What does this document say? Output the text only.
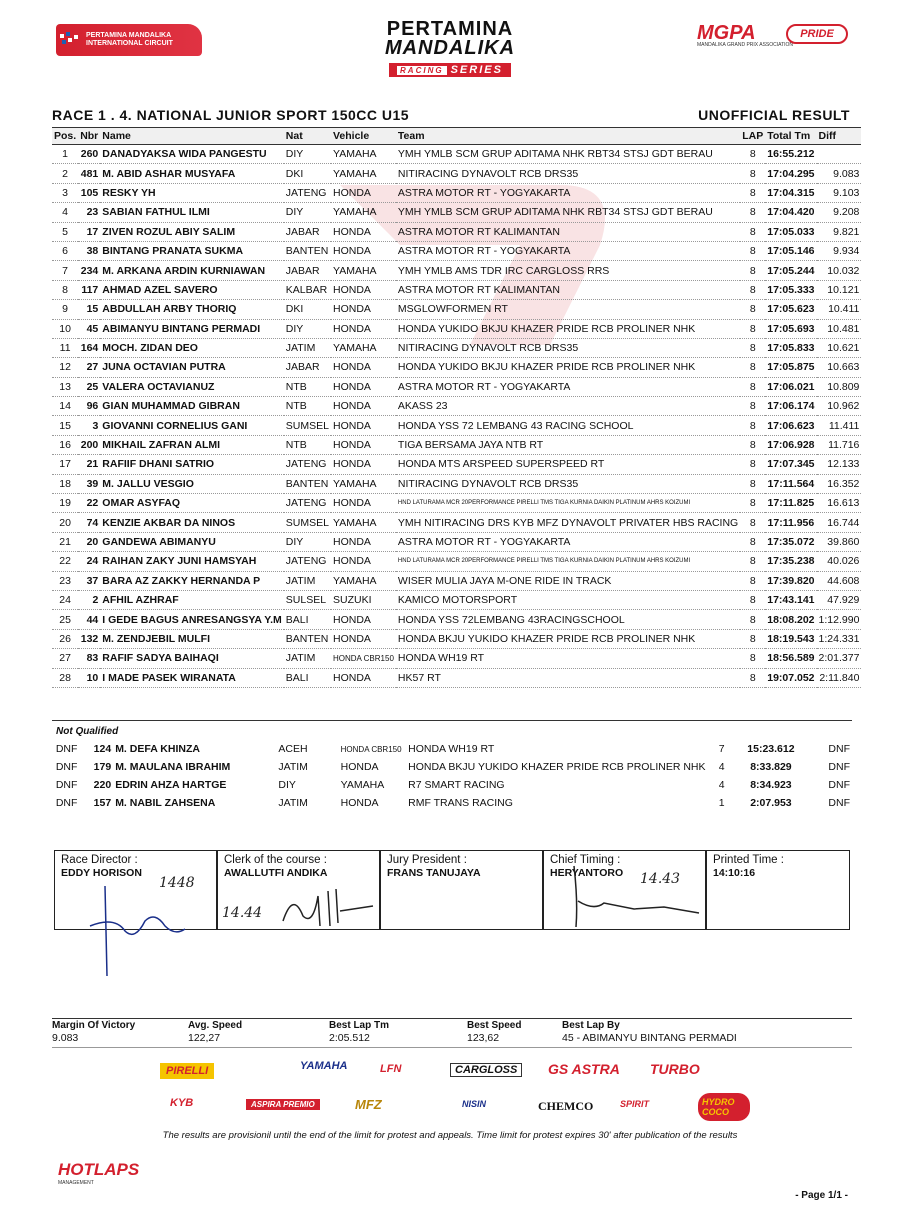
PERTAMINA MANDALIKA INTERNATIONAL CIRCUIT
PERTAMINA
MANDALIKA
RACING SERIES
MGPA
MANDALIKA GRAND PRIX ASSOCIATION
PRIDE
RACE 1 . 4. NATIONAL JUNIOR SPORT 150CC U15	UNOFFICIAL RESULT
Pos.	Nbr	Name	Nat	Vehicle	Team	LAP	Total Tm	Diff
1	260	DANADYAKSA WIDA PANGESTU	DIY	YAMAHA	YMH YMLB SCM GRUP ADITAMA NHK RBT34 STSJ GDT BERAU	8	16:55.212	
2	481	M. ABID ASHAR MUSYAFA	DKI	YAMAHA	NITIRACING DYNAVOLT RCB DRS35	8	17:04.295	9.083
3	105	RESKY YH	JATENG	HONDA	ASTRA MOTOR RT - YOGYAKARTA	8	17:04.315	9.103
4	23	SABIAN FATHUL ILMI	DIY	YAMAHA	YMH YMLB SCM GRUP ADITAMA NHK RBT34 STSJ GDT BERAU	8	17:04.420	9.208
5	17	ZIVEN ROZUL ABIY SALIM	JABAR	HONDA	ASTRA MOTOR RT KALIMANTAN	8	17:05.033	9.821
6	38	BINTANG PRANATA SUKMA	BANTEN	HONDA	ASTRA MOTOR RT - YOGYAKARTA	8	17:05.146	9.934
7	234	M. ARKANA ARDIN KURNIAWAN	JABAR	YAMAHA	YMH YMLB AMS TDR IRC CARGLOSS RRS	8	17:05.244	10.032
8	117	AHMAD AZEL SAVERO	KALBAR	HONDA	ASTRA MOTOR RT KALIMANTAN	8	17:05.333	10.121
9	15	ABDULLAH ARBY THORIQ	DKI	HONDA	MSGLOWFORMEN RT	8	17:05.623	10.411
10	45	ABIMANYU BINTANG PERMADI	DIY	HONDA	HONDA YUKIDO BKJU KHAZER PRIDE RCB PROLINER NHK	8	17:05.693	10.481
11	164	MOCH. ZIDAN DEO	JATIM	YAMAHA	NITIRACING DYNAVOLT RCB DRS35	8	17:05.833	10.621
12	27	JUNA OCTAVIAN PUTRA	JABAR	HONDA	HONDA YUKIDO BKJU KHAZER PRIDE RCB PROLINER NHK	8	17:05.875	10.663
13	25	VALERA OCTAVIANUZ	NTB	HONDA	ASTRA MOTOR RT - YOGYAKARTA	8	17:06.021	10.809
14	96	GIAN MUHAMMAD GIBRAN	NTB	HONDA	AKASS 23	8	17:06.174	10.962
15	3	GIOVANNI CORNELIUS GANI	SUMSEL	HONDA	HONDA YSS 72 LEMBANG 43 RACING SCHOOL	8	17:06.623	11.411
16	200	MIKHAIL ZAFRAN ALMI	NTB	HONDA	TIGA BERSAMA JAYA NTB RT	8	17:06.928	11.716
17	21	RAFIIF DHANI SATRIO	JATENG	HONDA	HONDA MTS ARSPEED SUPERSPEED RT	8	17:07.345	12.133
18	39	M. JALLU VESGIO	BANTEN	YAMAHA	NITIRACING DYNAVOLT RCB DRS35	8	17:11.564	16.352
19	22	OMAR ASYFAQ	JATENG	HONDA	HND LATURAMA MCR 20PERFORMANCE PIRELLI TMS TIGA KURNIA DAIKIN PLATINUM AHRS KOIZUMI	8	17:11.825	16.613
20	74	KENZIE AKBAR DA NINOS	SUMSEL	YAMAHA	YMH NITIRACING DRS KYB MFZ DYNAVOLT PRIVATER HBS RACING	8	17:11.956	16.744
21	20	GANDEWA ABIMANYU	DIY	HONDA	ASTRA MOTOR RT - YOGYAKARTA	8	17:35.072	39.860
22	24	RAIHAN ZAKY JUNI HAMSYAH	JATENG	HONDA	HND LATURAMA MCR 20PERFORMANCE PIRELLI TMS TIGA KURNIA DAIKIN PLATINUM AHRS KOIZUMI	8	17:35.238	40.026
23	37	BARA AZ ZAKKY HERNANDA P	JATIM	YAMAHA	WISER MULIA JAYA M-ONE RIDE IN TRACK	8	17:39.820	44.608
24	2	AFHIL AZHRAF	SULSEL	SUZUKI	KAMICO MOTORSPORT	8	17:43.141	47.929
25	44	I GEDE BAGUS ANRESANGSYA Y.M	BALI	HONDA	HONDA YSS 72LEMBANG 43RACINGSCHOOL	8	18:08.202	1:12.990
26	132	M. ZENDJEBIL MULFI	BANTEN	HONDA	HONDA BKJU YUKIDO KHAZER PRIDE RCB PROLINER NHK	8	18:19.543	1:24.331
27	83	RAFIF SADYA BAIHAQI	JATIM	HONDA CBR150	HONDA WH19 RT	8	18:56.589	2:01.377
28	10	I MADE PASEK WIRANATA	BALI	HONDA	HK57 RT	8	19:07.052	2:11.840
Not Qualified
DNF	124	M. DEFA KHINZA	ACEH	HONDA CBR150	HONDA WH19 RT	7	15:23.612	DNF
DNF	179	M. MAULANA IBRAHIM	JATIM	HONDA	HONDA BKJU YUKIDO KHAZER PRIDE RCB PROLINER NHK	4	8:33.829	DNF
DNF	220	EDRIN AHZA HARTGE	DIY	YAMAHA	R7 SMART RACING	4	8:34.923	DNF
DNF	157	M. NABIL ZAHSENA	JATIM	HONDA	RMF TRANS RACING	1	2:07.953	DNF
Race Director :
EDDY HORISON
1448
Clerk of the course :
AWALLUTFI ANDIKA
14.44
Jury President :
FRANS TANUJAYA
Chief Timing :
HERYANTORO	14.43
Printed Time :
14:10:16
Margin Of Victory
9.083
Avg. Speed
122,27
Best Lap Tm
2:05.512
Best Speed
123,62
Best Lap By
45 - ABIMANYU BINTANG PERMADI
PIRELLI	YAMAHA	LFN	CARGLOSS	GS ASTRA TURBO
KYB	ASPIRA PREMIO	MFZ	NISIN	CHEMCO	SPIRIT	HYDRO COCO
The results are provisionil until the end of the limit for protest and appeals. Time limit for protest expires 30' after publication of the results
HOTLAPS
MANAGEMENT
- Page 1/1 -
